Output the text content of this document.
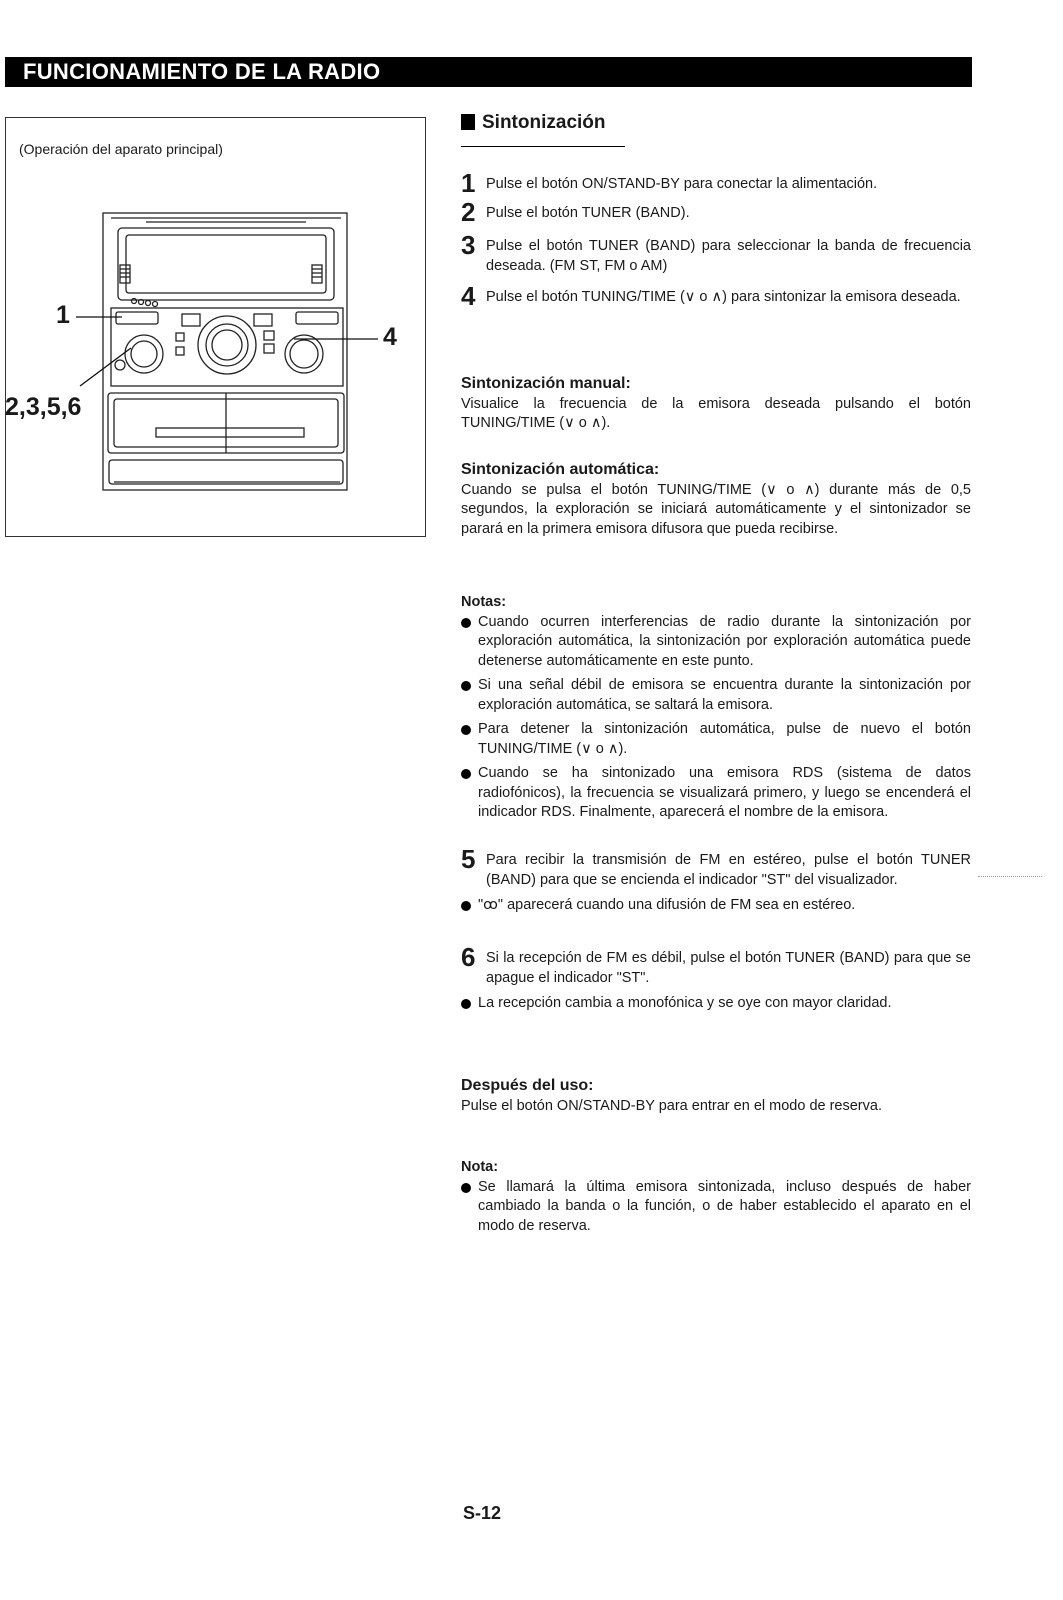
FUNCIONAMIENTO DE LA RADIO
(Operación del aparato principal)
1
2,3,5,6
4
Sintonización
1 Pulse el botón ON/STAND-BY para conectar la alimentación.
2 Pulse el botón TUNER (BAND).
3 Pulse el botón TUNER (BAND) para seleccionar la banda de frecuencia deseada. (FM ST, FM o AM)
4 Pulse el botón TUNING/TIME (∨ o ∧) para sintonizar la emisora deseada.
Sintonización manual:
Visualice la frecuencia de la emisora deseada pulsando el botón TUNING/TIME (∨ o ∧).
Sintonización automática:
Cuando se pulsa el botón TUNING/TIME (∨ o ∧) durante más de 0,5 segundos, la exploración se iniciará automáticamente y el sintonizador se parará en la primera emisora difusora que pueda recibirse.
Notas:
Cuando ocurren interferencias de radio durante la sintonización por exploración automática, la sintonización por exploración automática puede detenerse automáticamente en este punto.
Si una señal débil de emisora se encuentra durante la sintonización por exploración automática, se saltará la emisora.
Para detener la sintonización automática, pulse de nuevo el botón TUNING/TIME (∨ o ∧).
Cuando se ha sintonizado una emisora RDS (sistema de datos radiofónicos), la frecuencia se visualizará primero, y luego se encenderá el indicador RDS. Finalmente, aparecerá el nombre de la emisora.
5 Para recibir la transmisión de FM en estéreo, pulse el botón TUNER (BAND) para que se encienda el indicador "ST" del visualizador.
"ꝏ" aparecerá cuando una difusión de FM sea en estéreo.
6 Si la recepción de FM es débil, pulse el botón TUNER (BAND) para que se apague el indicador "ST".
La recepción cambia a monofónica y se oye con mayor claridad.
Después del uso:
Pulse el botón ON/STAND-BY para entrar en el modo de reserva.
Nota:
Se llamará la última emisora sintonizada, incluso después de haber cambiado la banda o la función, o de haber establecido el aparato en el modo de reserva.
S-12
